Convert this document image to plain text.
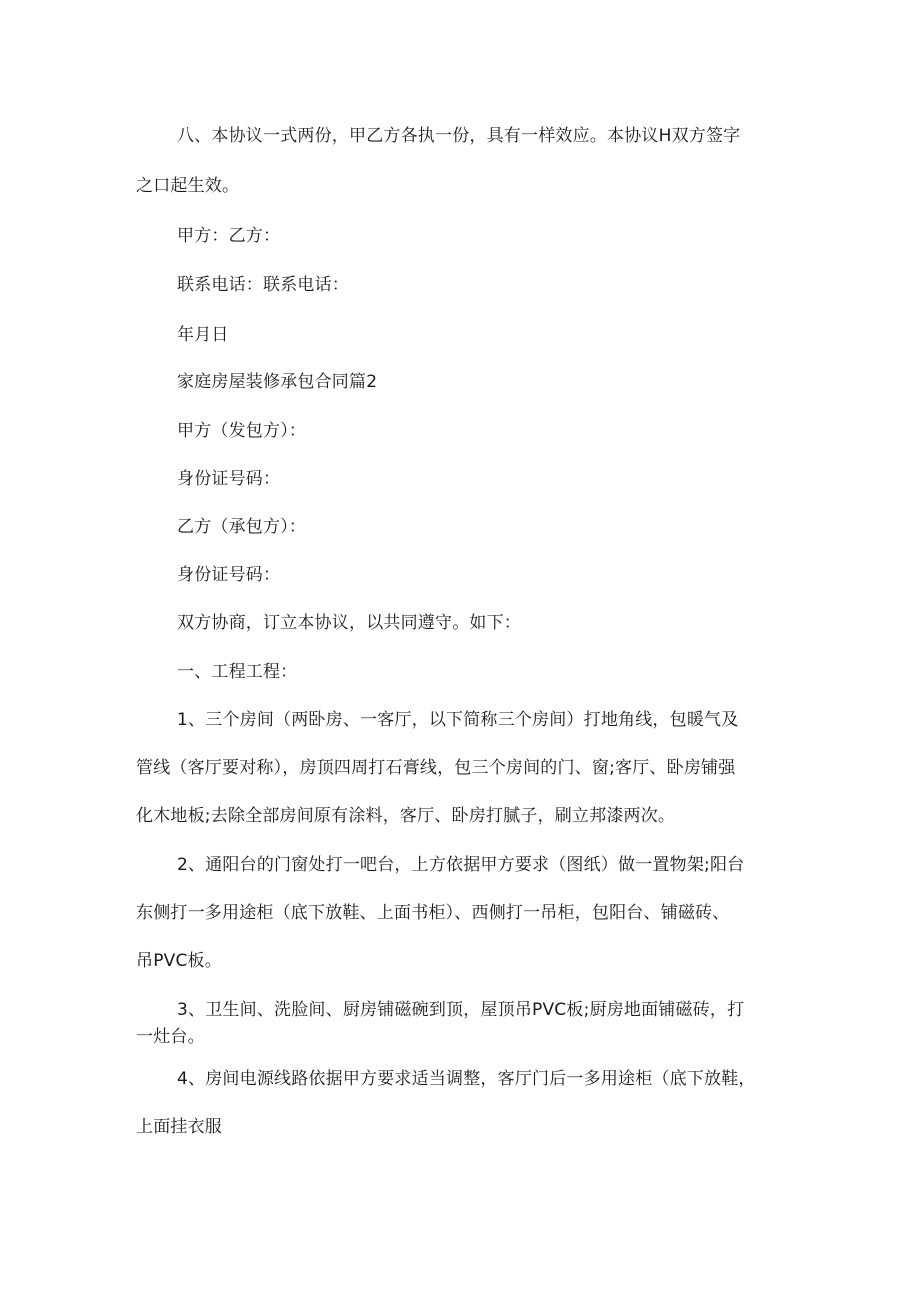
八、本协议一式两份，甲乙方各执一份，具有一样效应。本协议H双方签字
之口起生效。
甲方：乙方：
联系电话：联系电话：
年月日
家庭房屋装修承包合同篇2
甲方（发包方）：
身份证号码：
乙方（承包方）：
身份证号码：
双方协商，订立本协议，以共同遵守。如下：
一、工程工程：
1、三个房间（两卧房、一客厅，以下简称三个房间）打地角线，包暖气及
管线（客厅要对称），房顶四周打石膏线，包三个房间的门、窗;客厅、卧房铺强
化木地板;去除全部房间原有涂料，客厅、卧房打腻子，刷立邦漆两次。
2、通阳台的门窗处打一吧台，上方依据甲方要求（图纸）做一置物架;阳台
东侧打一多用途柜（底下放鞋、上面书柜）、西侧打一吊柜，包阳台、铺磁砖、
吊PVC板。
3、卫生间、洗脸间、厨房铺磁碗到顶，屋顶吊PVC板;厨房地面铺磁砖，打
一灶台。
4、房间电源线路依据甲方要求适当调整，客厅门后一多用途柜（底下放鞋，
上面挂衣服
